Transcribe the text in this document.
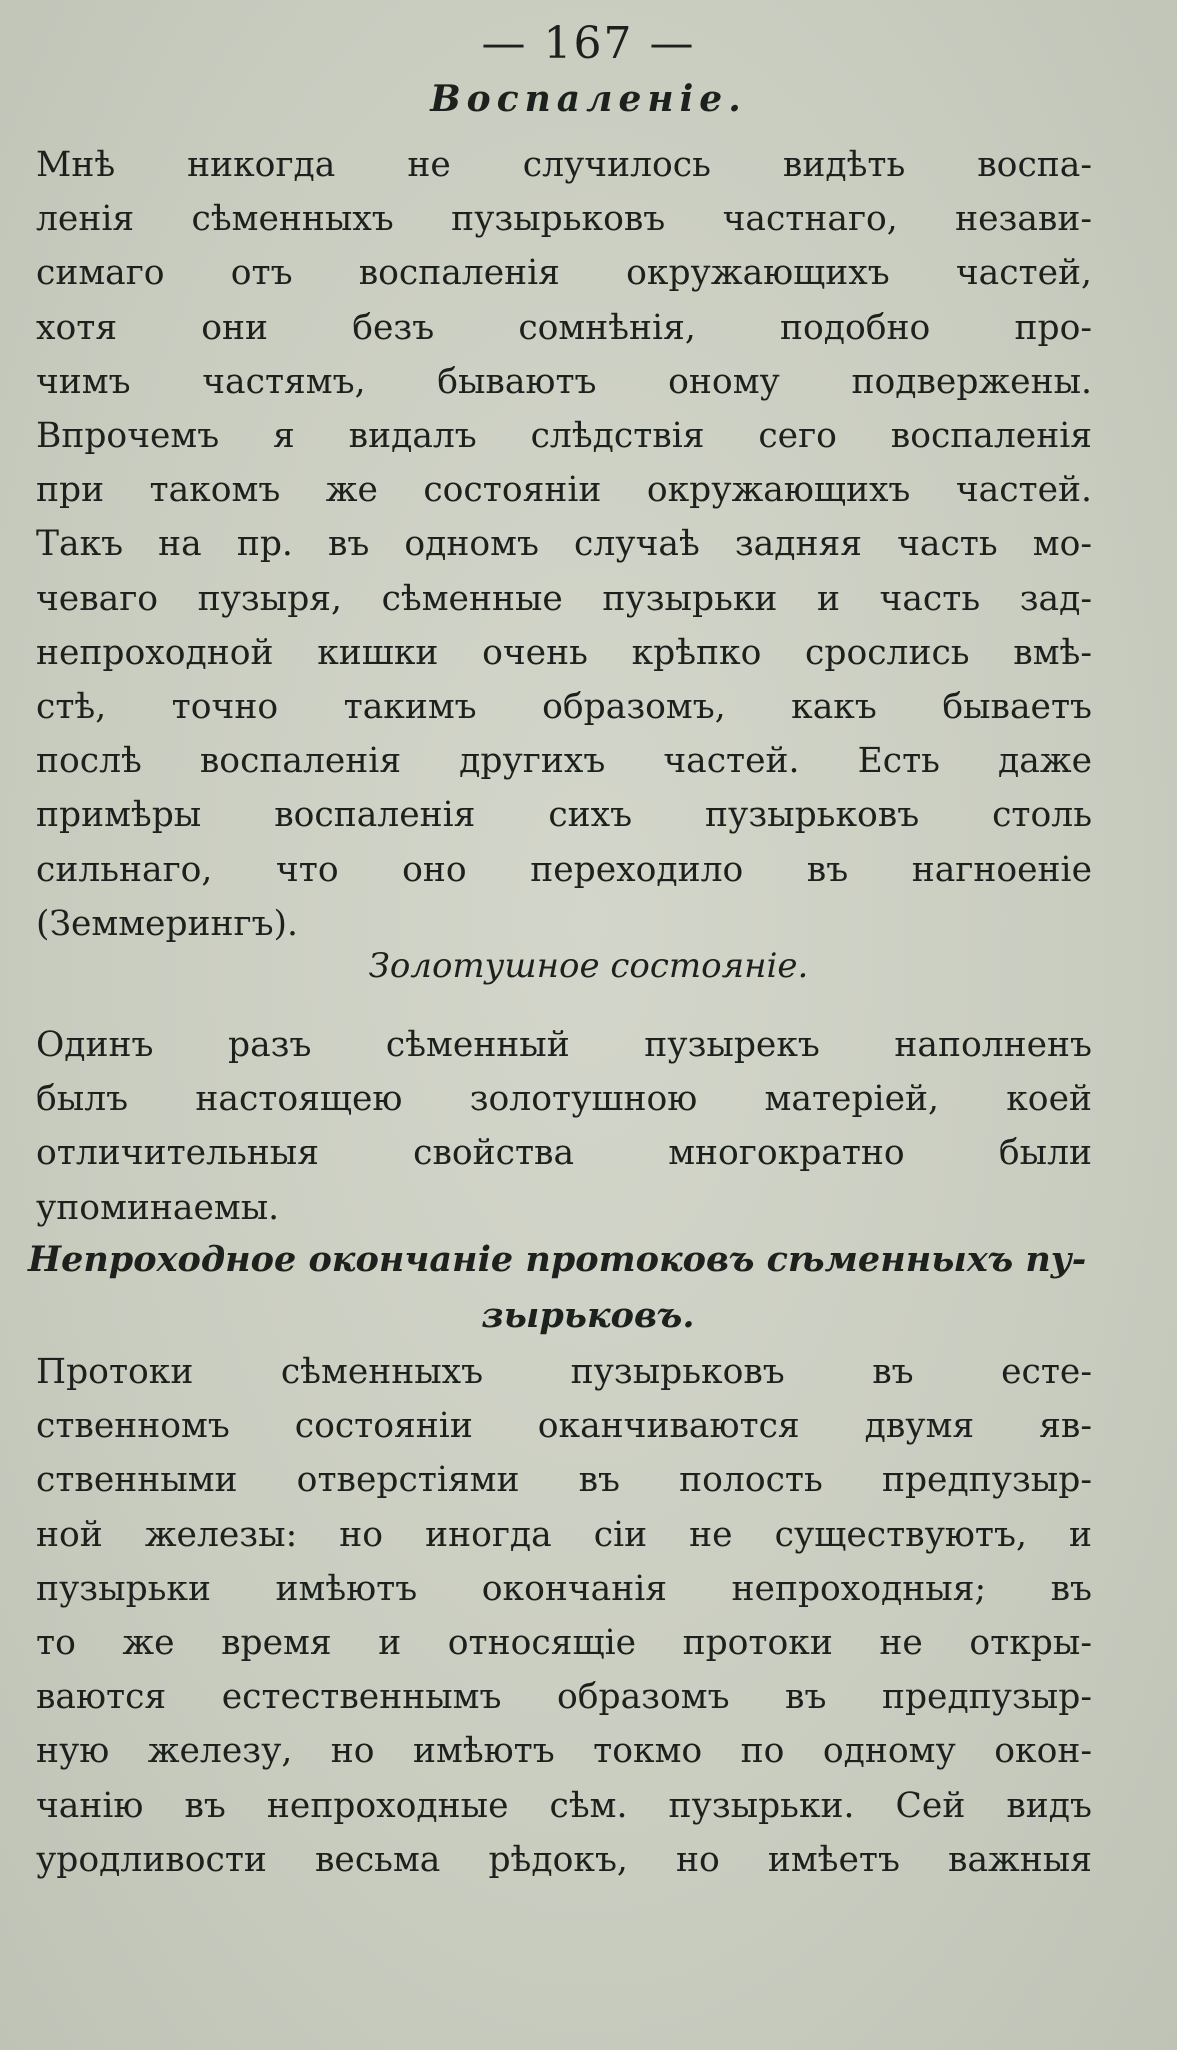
— 167 —
Воспаленіе.
Мнѣ никогда не случилось видѣть воспа-
ленія сѣменныхъ пузырьковъ частнаго, незави-
симаго отъ воспаленія окружающихъ частей,
хотя они безъ сомнѣнія, подобно про-
чимъ частямъ, бываютъ оному подвержены.
Впрочемъ я видалъ слѣдствія сего воспаленія
при такомъ же состояніи окружающихъ частей.
Такъ на пр. въ одномъ случаѣ задняя часть мо-
чеваго пузыря, сѣменные пузырьки и часть зад-
непроходной кишки очень крѣпко срослись вмѣ-
стѣ, точно такимъ образомъ, какъ бываетъ
послѣ воспаленія другихъ частей. Есть даже
примѣры воспаленія сихъ пузырьковъ столь
сильнаго, что оно переходило въ нагноеніе
(Земмерингъ).
Золотушное состояніе.
Одинъ разъ сѣменный пузырекъ наполненъ
былъ настоящею золотушною матеріей, коей
отличительныя свойства многократно были
упоминаемы.
Непроходное окончаніе протоковъ сѣменныхъ пу-
зырьковъ.
Протоки сѣменныхъ пузырьковъ въ есте-
ственномъ состояніи оканчиваются двумя яв-
ственными отверстіями въ полость предпузыр-
ной железы: но иногда сіи не существуютъ, и
пузырьки имѣютъ окончанія непроходныя; въ
то же время и относящіе протоки не откры-
ваются естественнымъ образомъ въ предпузыр-
ную железу, но имѣютъ токмо по одному окон-
чанію въ непроходные сѣм. пузырьки. Сей видъ
уродливости весьма рѣдокъ, но имѣетъ важныя
